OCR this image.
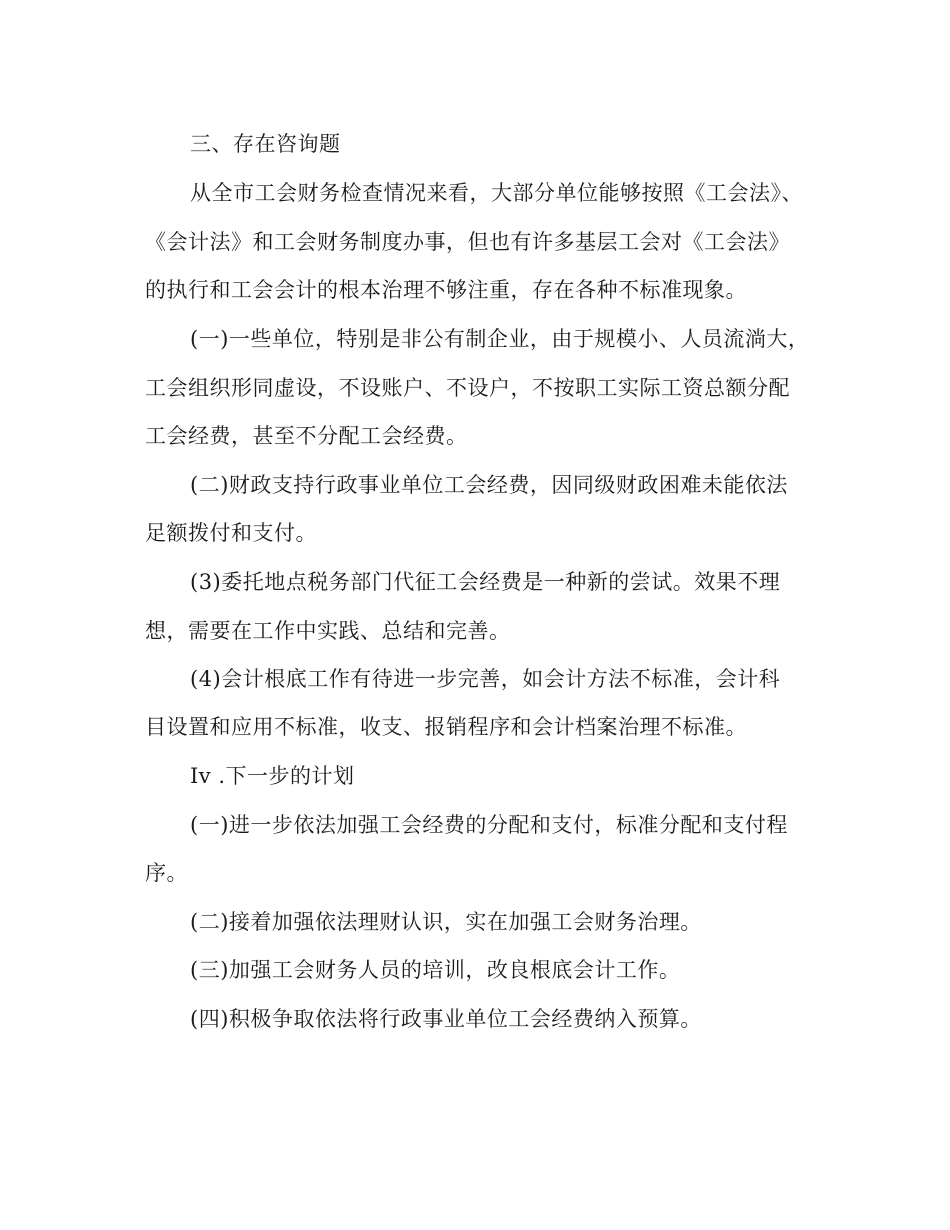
三、存在咨询题
从全市工会财务检查情况来看，大部分单位能够按照《工会法》、
《会计法》和工会财务制度办事，但也有许多基层工会对《工会法》
的执行和工会会计的根本治理不够注重，存在各种不标准现象。
(一)一些单位，特别是非公有制企业，由于规模小、人员流淌大，
工会组织形同虚设，不设账户、不设户，不按职工实际工资总额分配
工会经费，甚至不分配工会经费。
(二)财政支持行政事业单位工会经费，因同级财政困难未能依法
足额拨付和支付。
(3)委托地点税务部门代征工会经费是一种新的尝试。效果不理
想，需要在工作中实践、总结和完善。
(4)会计根底工作有待进一步完善，如会计方法不标准，会计科
目设置和应用不标准，收支、报销程序和会计档案治理不标准。
Iv .下一步的计划
(一)进一步依法加强工会经费的分配和支付，标准分配和支付程
序。
(二)接着加强依法理财认识，实在加强工会财务治理。
(三)加强工会财务人员的培训，改良根底会计工作。
(四)积极争取依法将行政事业单位工会经费纳入预算。
